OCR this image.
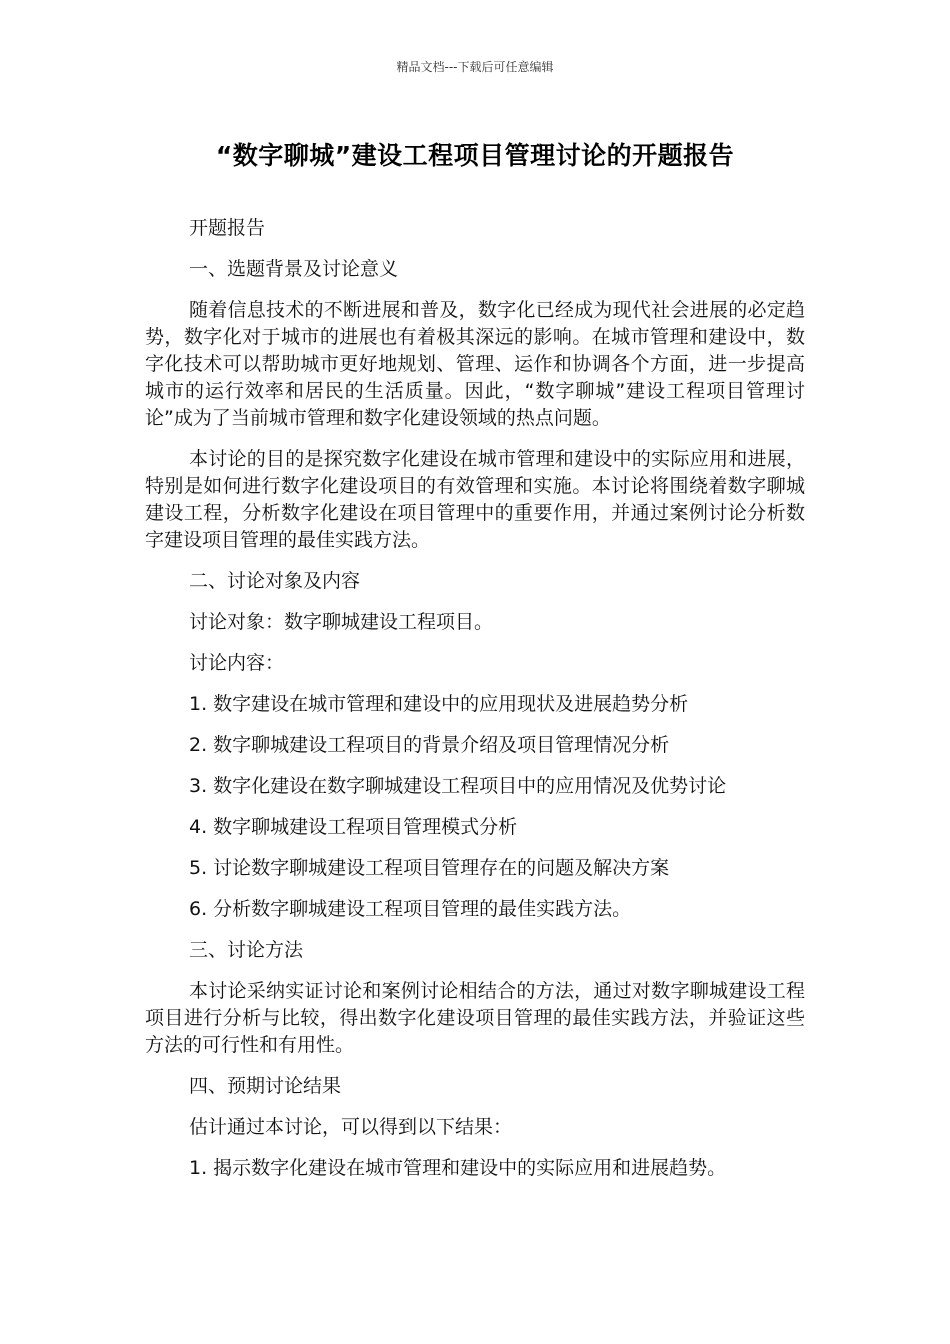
精品文档---下载后可任意编辑
“数字聊城”建设工程项目管理讨论的开题报告
开题报告
一、选题背景及讨论意义
随着信息技术的不断进展和普及，数字化已经成为现代社会进展的必定趋势，数字化对于城市的进展也有着极其深远的影响。在城市管理和建设中，数字化技术可以帮助城市更好地规划、管理、运作和协调各个方面，进一步提高城市的运行效率和居民的生活质量。因此，“数字聊城”建设工程项目管理讨论”成为了当前城市管理和数字化建设领域的热点问题。
本讨论的目的是探究数字化建设在城市管理和建设中的实际应用和进展，特别是如何进行数字化建设项目的有效管理和实施。本讨论将围绕着数字聊城建设工程，分析数字化建设在项目管理中的重要作用，并通过案例讨论分析数字建设项目管理的最佳实践方法。
二、讨论对象及内容
讨论对象：数字聊城建设工程项目。
讨论内容：
1. 数字建设在城市管理和建设中的应用现状及进展趋势分析
2. 数字聊城建设工程项目的背景介绍及项目管理情况分析
3. 数字化建设在数字聊城建设工程项目中的应用情况及优势讨论
4. 数字聊城建设工程项目管理模式分析
5. 讨论数字聊城建设工程项目管理存在的问题及解决方案
6. 分析数字聊城建设工程项目管理的最佳实践方法。
三、讨论方法
本讨论采纳实证讨论和案例讨论相结合的方法，通过对数字聊城建设工程项目进行分析与比较，得出数字化建设项目管理的最佳实践方法，并验证这些方法的可行性和有用性。
四、预期讨论结果
估计通过本讨论，可以得到以下结果：
1. 揭示数字化建设在城市管理和建设中的实际应用和进展趋势。
